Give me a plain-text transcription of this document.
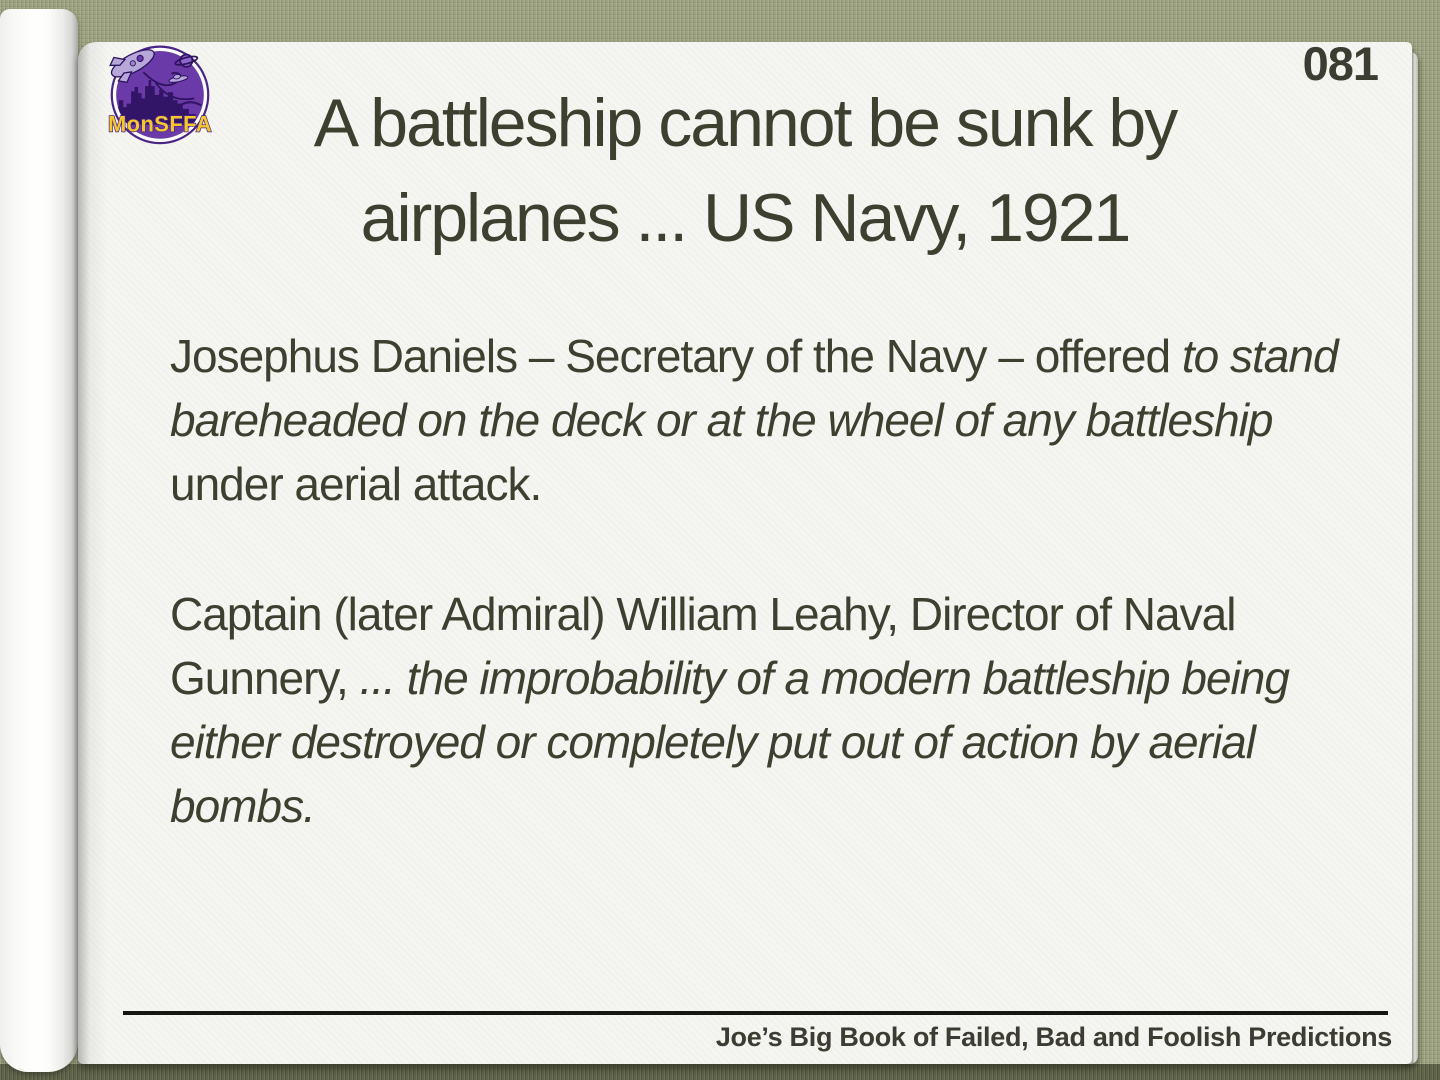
MonSFFA
081
A battleship cannot be sunk by airplanes ... US Navy, 1921

Josephus Daniels – Secretary of the Navy – offered to stand bareheaded on the deck or at the wheel of any battleship under aerial attack.

Captain (later Admiral) William Leahy, Director of Naval Gunnery, ... the improbability of a modern battleship being either destroyed or completely put out of action by aerial bombs.

Joe’s Big Book of Failed, Bad and Foolish Predictions
